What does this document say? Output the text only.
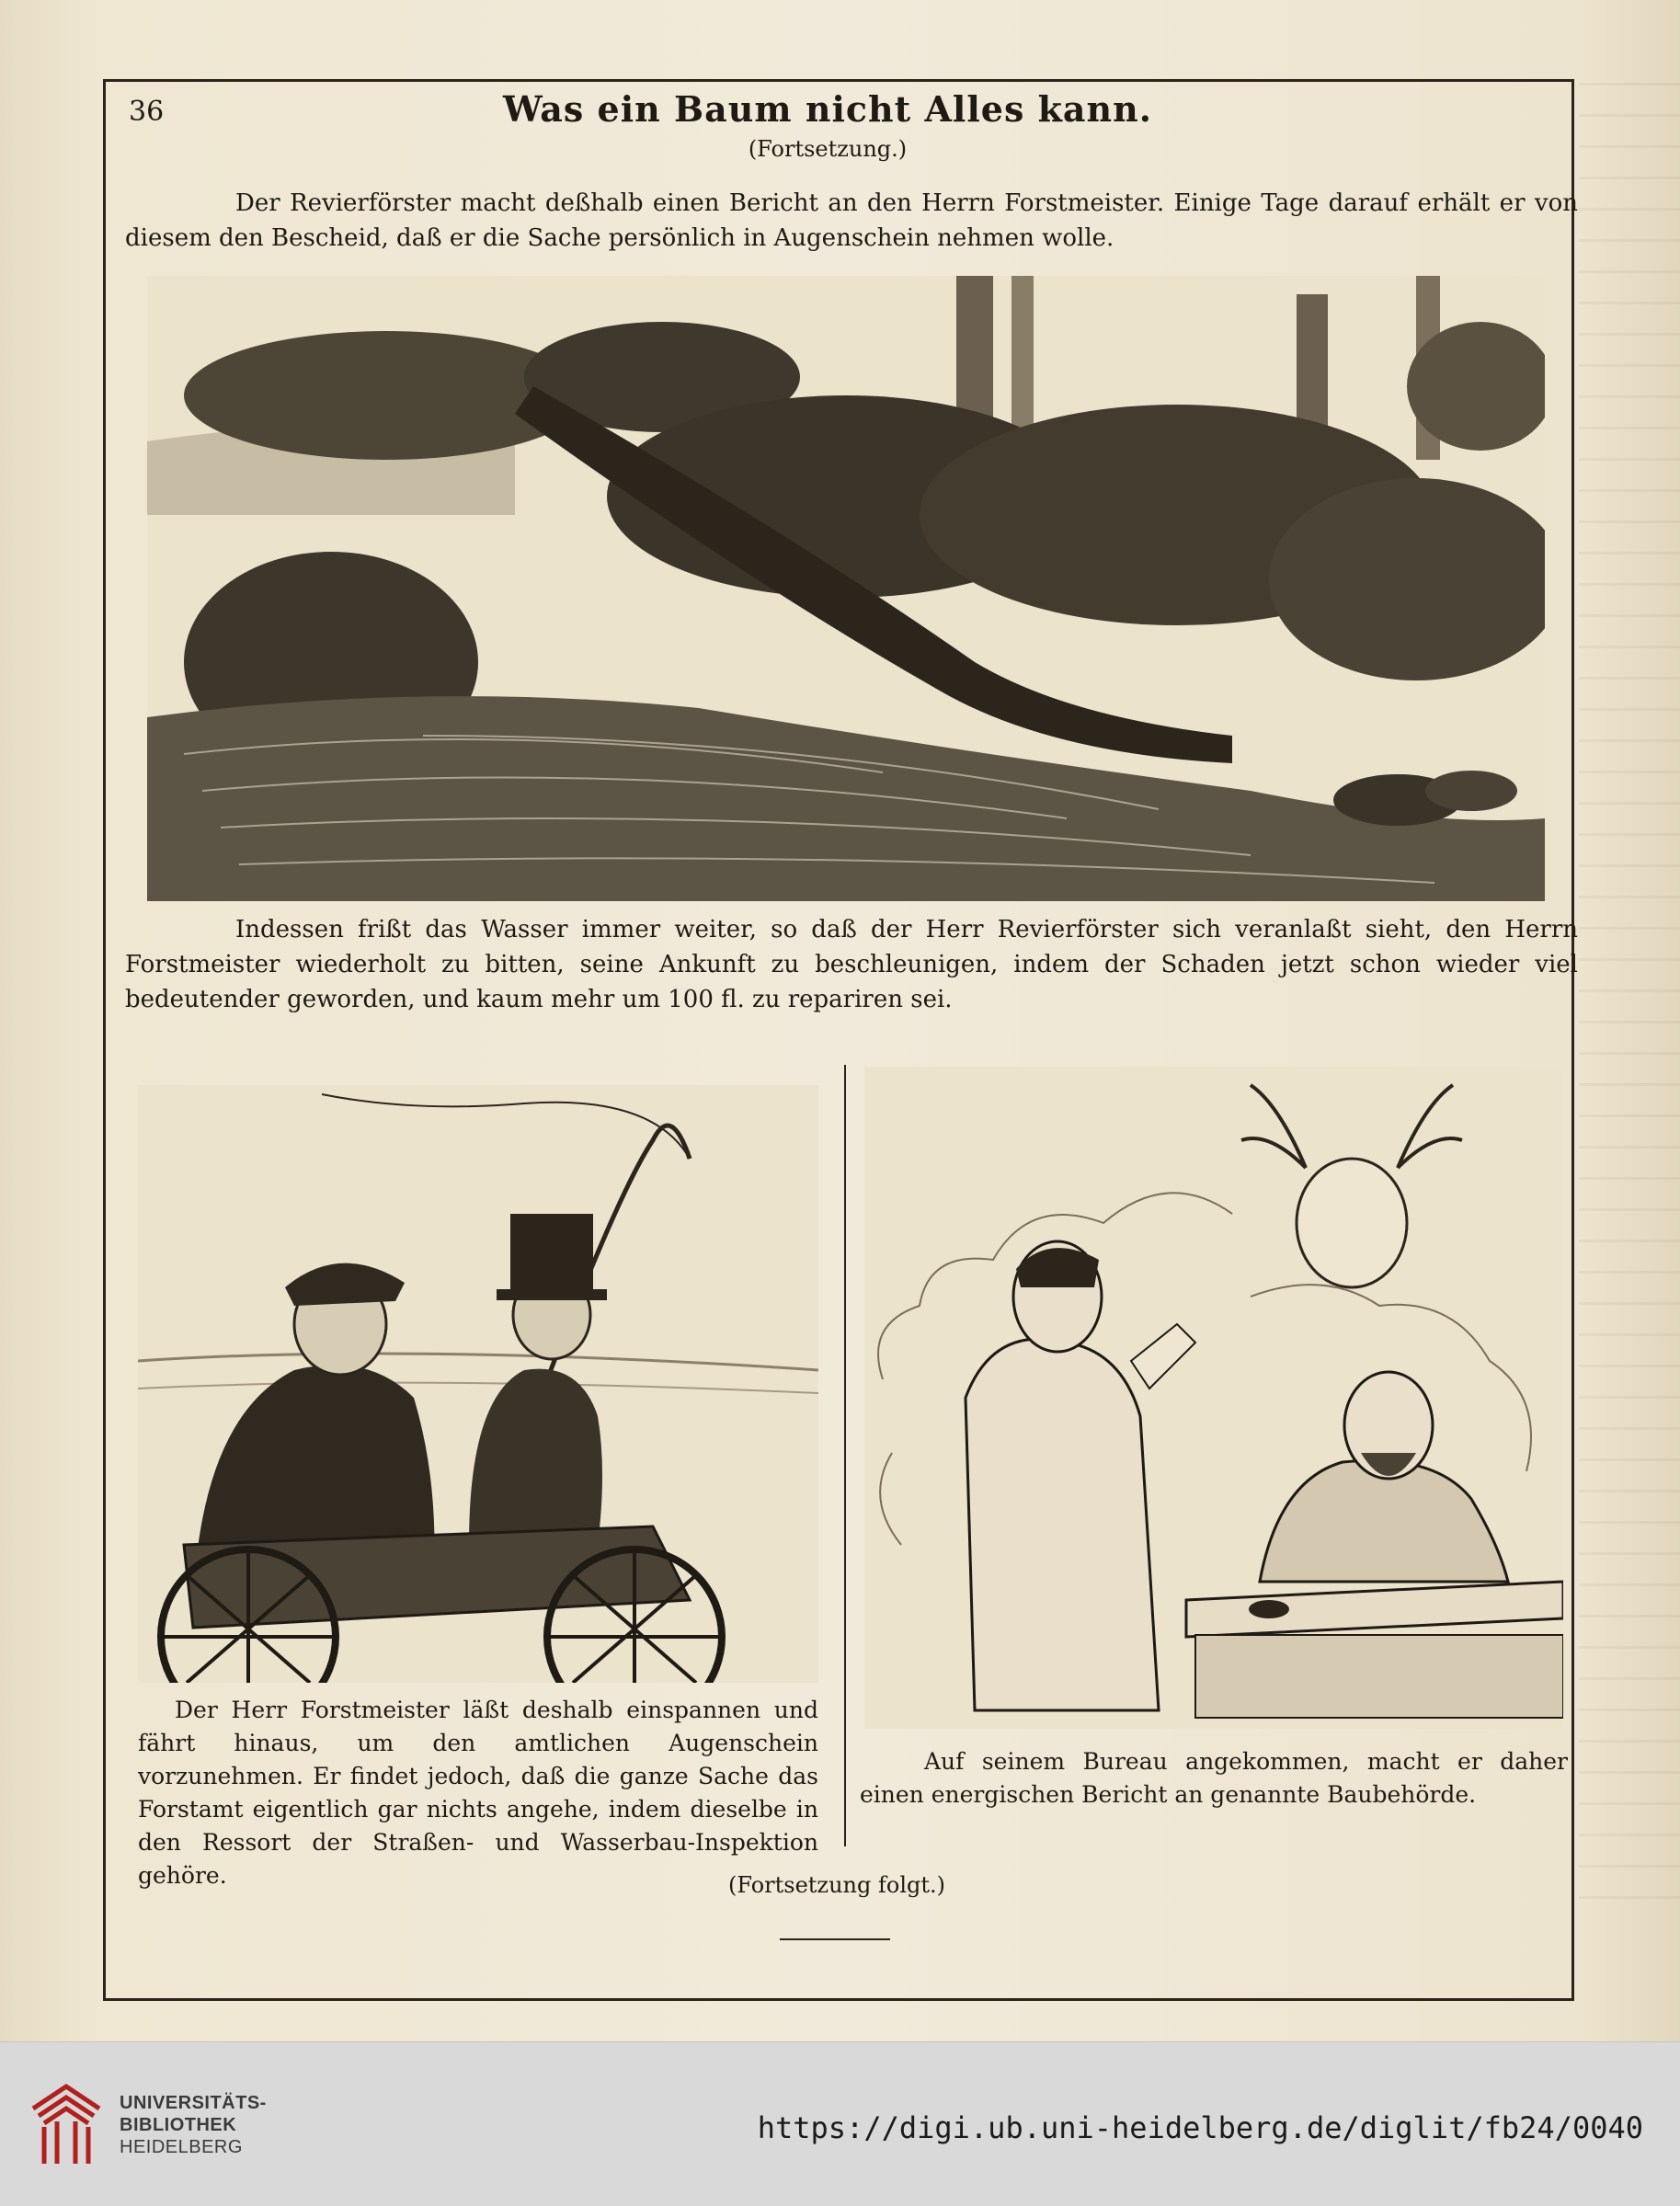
36	Was ein Baum nicht Alles kann.
(Fortsetzung.)
Der Revierförster macht deßhalb einen Bericht an den Herrn Forstmeister. Einige Tage darauf erhält er von diesem den Bescheid, daß er die Sache persönlich in Augenschein nehmen wolle.
Indessen frißt das Wasser immer weiter, so daß der Herr Revierförster sich veranlaßt sieht, den Herrn Forstmeister wiederholt zu bitten, seine Ankunft zu beschleunigen, indem der Schaden jetzt schon wieder viel bedeutender geworden, und kaum mehr um 100 fl. zu repariren sei.
Der Herr Forstmeister läßt deshalb einspannen und fährt hinaus, um den amtlichen Augenschein vorzunehmen. Er findet jedoch, daß die ganze Sache das Forstamt eigentlich gar nichts angehe, indem dieselbe in den Ressort der Straßen- und Wasserbau-Inspektion gehöre.
Auf seinem Bureau angekommen, macht er daher einen energischen Bericht an genannte Baubehörde.
(Fortsetzung folgt.)
UNIVERSITÄTS-
BIBLIOTHEK
HEIDELBERG
https://digi.ub.uni-heidelberg.de/diglit/fb24/0040
